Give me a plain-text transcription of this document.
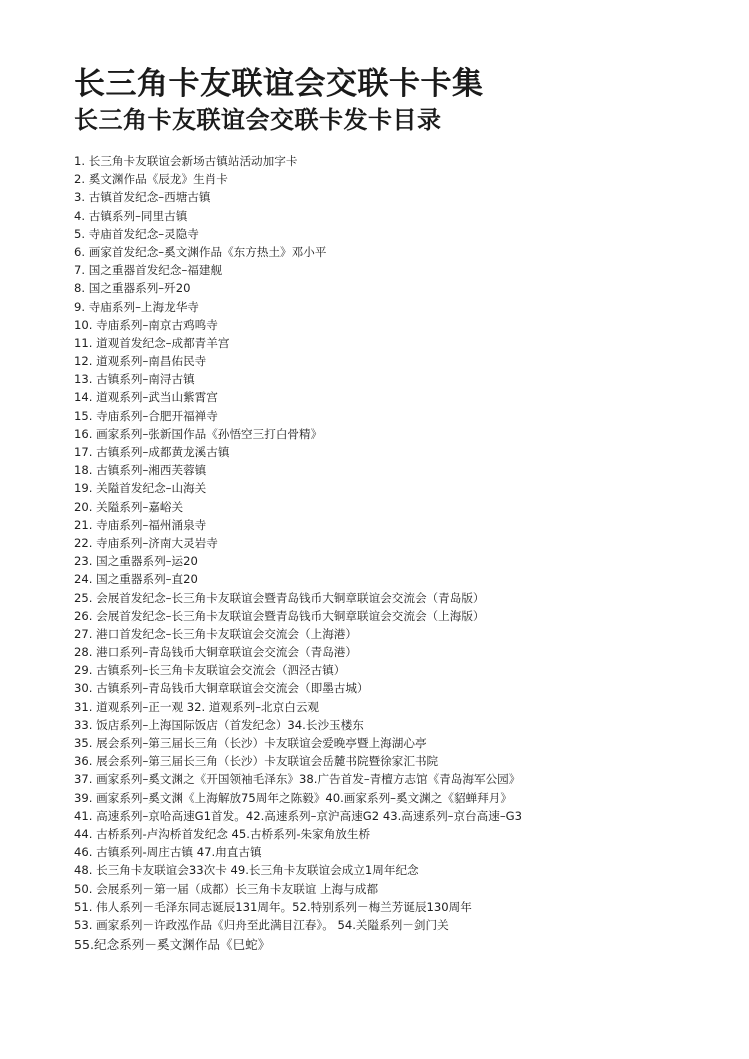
长三角卡友联谊会交联卡卡集
长三角卡友联谊会交联卡发卡目录
1. 长三角卡友联谊会新场古镇站活动加字卡
2. 奚文渊作品《辰龙》生肖卡
3. 古镇首发纪念–西塘古镇
4. 古镇系列–同里古镇
5. 寺庙首发纪念–灵隐寺
6. 画家首发纪念–奚文渊作品《东方热土》邓小平
7. 国之重器首发纪念–福建舰
8. 国之重器系列–歼20
9. 寺庙系列–上海龙华寺
10. 寺庙系列–南京古鸡鸣寺
11. 道观首发纪念–成都青羊宫
12. 道观系列–南昌佑民寺
13. 古镇系列–南浔古镇
14. 道观系列–武当山紫霄宫
15. 寺庙系列–合肥开福禅寺
16. 画家系列–张新国作品《孙悟空三打白骨精》
17. 古镇系列–成都黄龙溪古镇
18. 古镇系列–湘西芙蓉镇
19. 关隘首发纪念–山海关
20. 关隘系列–嘉峪关
21. 寺庙系列–福州涌泉寺
22. 寺庙系列–济南大灵岩寺
23. 国之重器系列–运20
24. 国之重器系列–直20
25. 会展首发纪念–长三角卡友联谊会暨青岛钱币大铜章联谊会交流会（青岛版）
26. 会展首发纪念–长三角卡友联谊会暨青岛钱币大铜章联谊会交流会（上海版）
27. 港口首发纪念–长三角卡友联谊会交流会（上海港）
28. 港口系列–青岛钱币大铜章联谊会交流会（青岛港）
29. 古镇系列–长三角卡友联谊会交流会（泗泾古镇）
30. 古镇系列–青岛钱币大铜章联谊会交流会（即墨古城）
31. 道观系列–正一观 32. 道观系列–北京白云观
33. 饭店系列–上海国际饭店（首发纪念）34.长沙玉楼东
35. 展会系列–第三届长三角（长沙）卡友联谊会爱晚亭暨上海湖心亭
36. 展会系列–第三届长三角（长沙）卡友联谊会岳麓书院暨徐家汇书院
37. 画家系列–奚文渊之《开国领袖毛泽东》38.广告首发–青檀方志馆《青岛海军公园》
39. 画家系列–奚文渊《上海解放75周年之陈毅》40.画家系列–奚文渊之《貂蝉拜月》
41. 高速系列–京哈高速G1首发。42.高速系列–京沪高速G2 43.高速系列–京台高速–G3
44. 古桥系列-卢沟桥首发纪念 45.古桥系列-朱家角放生桥
46. 古镇系列-周庄古镇 47.甪直古镇
48. 长三角卡友联谊会33次卡 49.长三角卡友联谊会成立1周年纪念
50. 会展系列－第一届（成都）长三角卡友联谊 上海与成都
51. 伟人系列－毛泽东同志诞辰131周年。52.特别系列－梅兰芳诞辰130周年
53. 画家系列－许政泓作品《归舟至此满目江春》。 54.关隘系列－剑门关
55.纪念系列－奚文渊作品《巳蛇》
